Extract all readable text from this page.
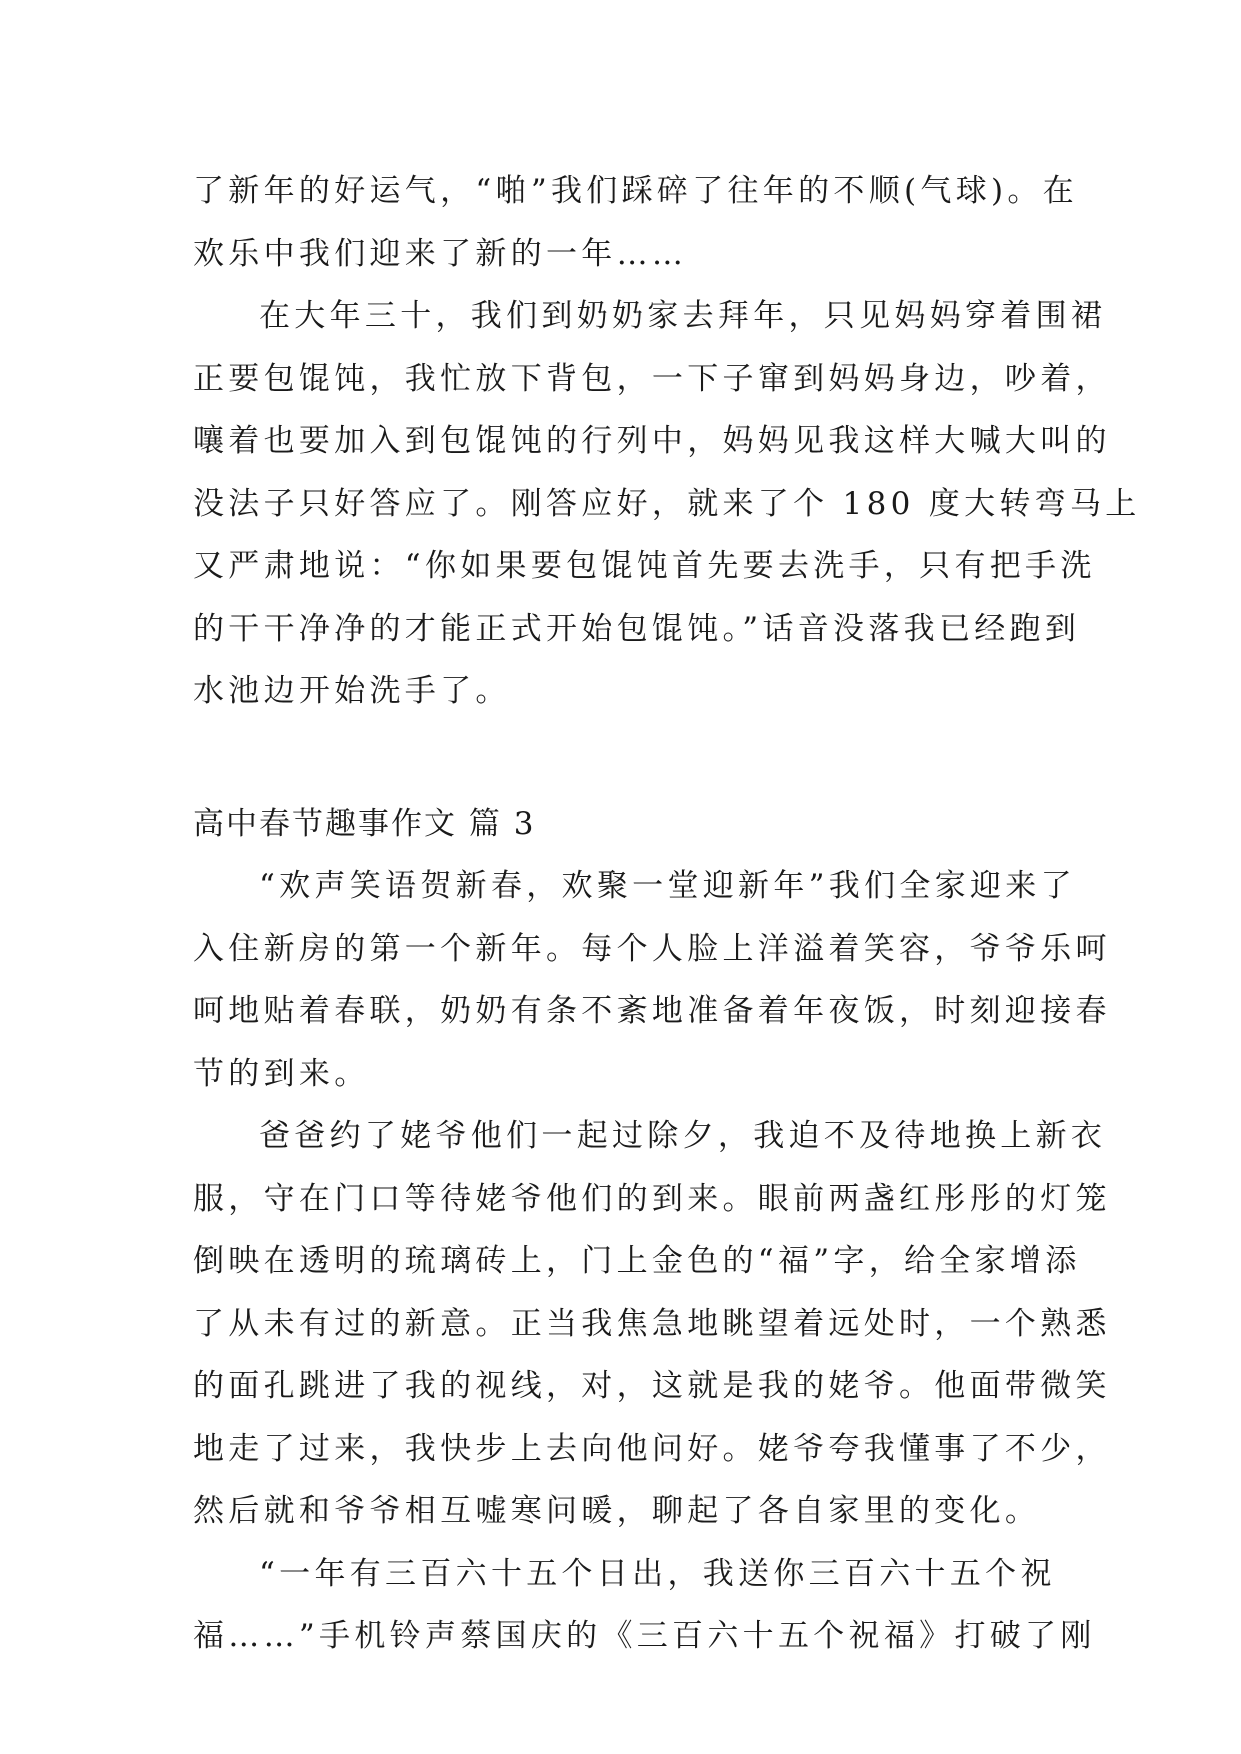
了新年的好运气，“啪”我们踩碎了往年的不顺(气球)。在
欢乐中我们迎来了新的一年……
在大年三十，我们到奶奶家去拜年，只见妈妈穿着围裙
正要包馄饨，我忙放下背包，一下子窜到妈妈身边，吵着，
嚷着也要加入到包馄饨的行列中，妈妈见我这样大喊大叫的
没法子只好答应了。刚答应好，就来了个 180 度大转弯马上
又严肃地说：“你如果要包馄饨首先要去洗手，只有把手洗
的干干净净的才能正式开始包馄饨。”话音没落我已经跑到
水池边开始洗手了。
高中春节趣事作文 篇 3
“欢声笑语贺新春，欢聚一堂迎新年”我们全家迎来了
入住新房的第一个新年。每个人脸上洋溢着笑容，爷爷乐呵
呵地贴着春联，奶奶有条不紊地准备着年夜饭，时刻迎接春
节的到来。
爸爸约了姥爷他们一起过除夕，我迫不及待地换上新衣
服，守在门口等待姥爷他们的到来。眼前两盏红彤彤的灯笼
倒映在透明的琉璃砖上，门上金色的“福”字，给全家增添
了从未有过的新意。正当我焦急地眺望着远处时，一个熟悉
的面孔跳进了我的视线，对，这就是我的姥爷。他面带微笑
地走了过来，我快步上去向他问好。姥爷夸我懂事了不少，
然后就和爷爷相互嘘寒问暖，聊起了各自家里的变化。
“一年有三百六十五个日出，我送你三百六十五个祝
福……”手机铃声蔡国庆的《三百六十五个祝福》打破了刚
